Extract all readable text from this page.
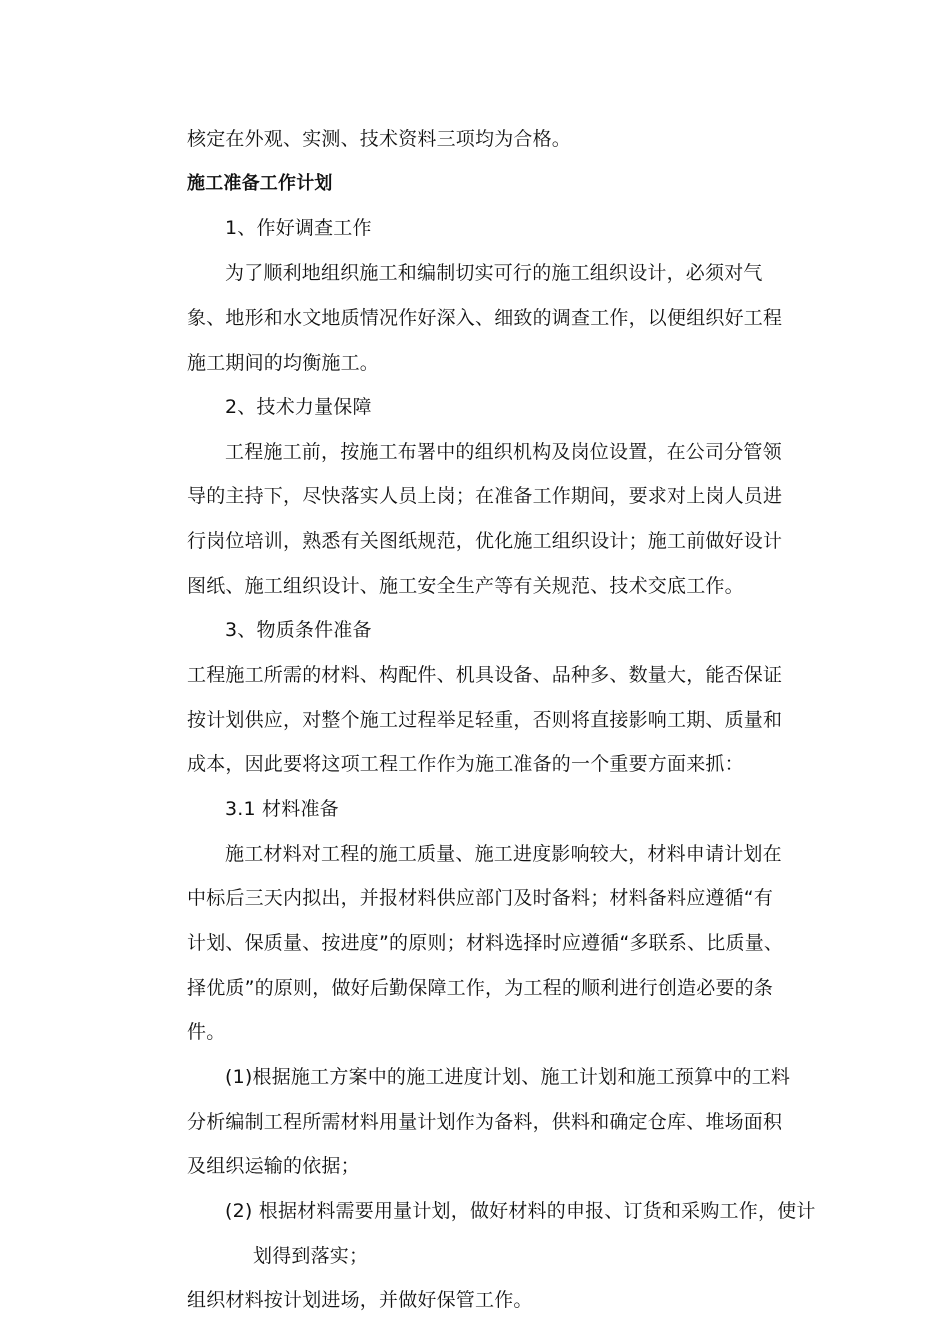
核定在外观、实测、技术资料三项均为合格。
施工准备工作计划
1、作好调查工作
为了顺利地组织施工和编制切实可行的施工组织设计，必须对气
象、地形和水文地质情况作好深入、细致的调查工作，以便组织好工程
施工期间的均衡施工。
2、技术力量保障
工程施工前，按施工布署中的组织机构及岗位设置，在公司分管领
导的主持下，尽快落实人员上岗；在准备工作期间，要求对上岗人员进
行岗位培训，熟悉有关图纸规范，优化施工组织设计；施工前做好设计
图纸、施工组织设计、施工安全生产等有关规范、技术交底工作。
3、物质条件准备
工程施工所需的材料、构配件、机具设备、品种多、数量大，能否保证
按计划供应，对整个施工过程举足轻重，否则将直接影响工期、质量和
成本，因此要将这项工程工作作为施工准备的一个重要方面来抓：
3.1 材料准备
施工材料对工程的施工质量、施工进度影响较大，材料申请计划在
中标后三天内拟出，并报材料供应部门及时备料；材料备料应遵循“有
计划、保质量、按进度”的原则；材料选择时应遵循“多联系、比质量、
择优质”的原则，做好后勤保障工作，为工程的顺利进行创造必要的条
件。
(1)根据施工方案中的施工进度计划、施工计划和施工预算中的工料
分析编制工程所需材料用量计划作为备料，供料和确定仓库、堆场面积
及组织运输的依据；
(2) 根据材料需要用量计划，做好材料的申报、订货和采购工作，使计
划得到落实；
组织材料按计划进场，并做好保管工作。
